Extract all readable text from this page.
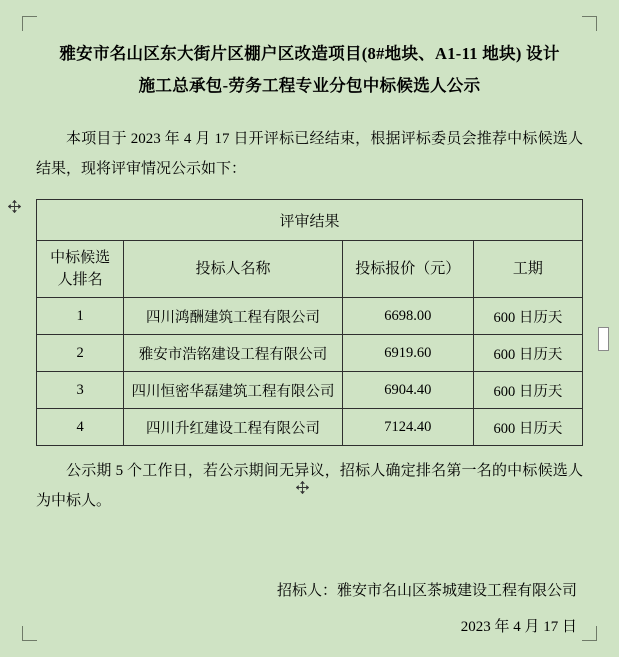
雅安市名山区东大街片区棚户区改造项目(8#地块、A1-11 地块) 设计
施工总承包-劳务工程专业分包中标候选人公示

本项目于 2023 年 4 月 17 日开评标已经结束，根据评标委员会推荐中标候选人结果，现将评审情况公示如下：

评审结果			

中标候选
人排名	投标人名称	投标报价（元）	工期
1	四川鸿酬建筑工程有限公司	6698.00	600 日历天
2	雅安市浩铭建设工程有限公司	6919.60	600 日历天
3	四川恒密华磊建筑工程有限公司	6904.40	600 日历天
4	四川升红建设工程有限公司	7124.40	600 日历天

公示期 5 个工作日，若公示期间无异议，招标人确定排名第一名的中标候选人为中标人。

招标人：雅安市名山区茶城建设工程有限公司
2023 年 4 月 17 日
